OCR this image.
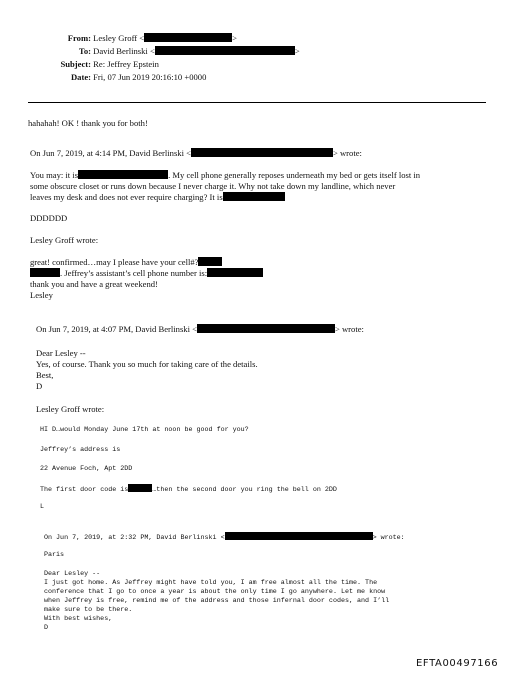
From: Lesley Groff <	>
To: David Berlinski <	>
Subject: Re: Jeffrey Epstein
Date: Fri, 07 Jun 2019 20:16:10 +0000
hahahah! OK ! thank you for both!
On Jun 7, 2019, at 4:14 PM, David Berlinski <	> wrote:
You may: it is	. My cell phone generally reposes underneath my bed or gets itself lost in
some obscure closet or runs down because I never charge it. Why not take down my landline, which never
leaves my desk and does not ever require charging? It is
DDDDDD
Lesley Groff wrote:
great! confirmed…may I please have your cell#?
. Jeffrey’s assistant’s cell phone number is:
thank you and have a great weekend!
Lesley
On Jun 7, 2019, at 4:07 PM, David Berlinski <	> wrote:
Dear Lesley --
Yes, of course. Thank you so much for taking care of the details.
Best,
D
Lesley Groff wrote:
HI D…would Monday June 17th at noon be good for you?
Jeffrey’s address is
22 Avenue Foch, Apt 2DD
The first door code is	…then the second door you ring the bell on 2DD
L
On Jun 7, 2019, at 2:32 PM, David Berlinski <	> wrote:
Paris
Dear Lesley --
I just got home. As Jeffrey might have told you, I am free almost all the time. The
conference that I go to once a year is about the only time I go anywhere. Let me know
when Jeffrey is free, remind me of the address and those infernal door codes, and I’ll
make sure to be there.
With best wishes,
D
EFTA00497166
